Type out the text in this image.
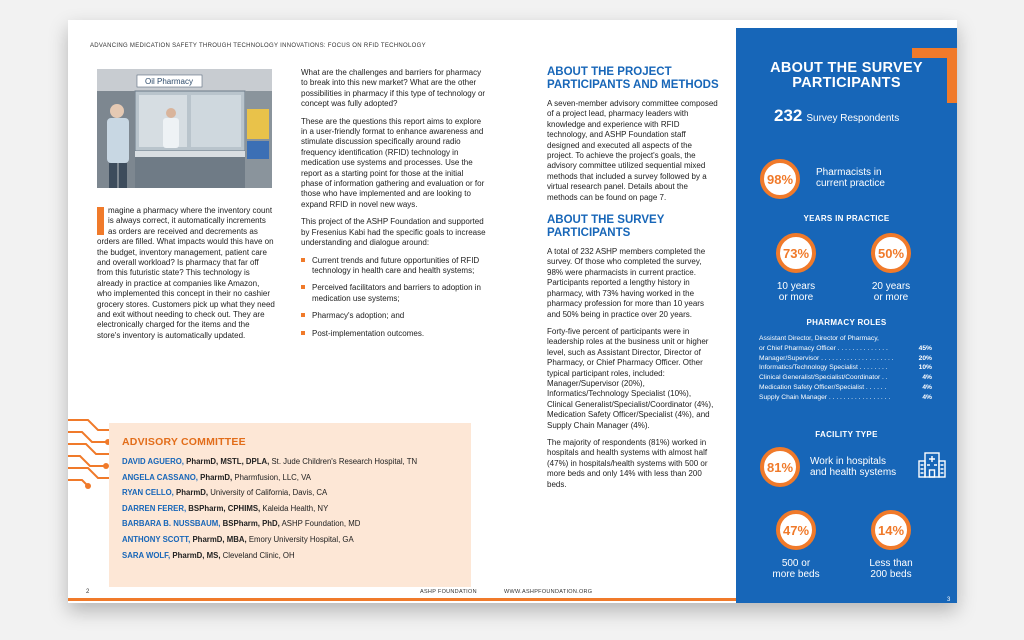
ADVANCING MEDICATION SAFETY THROUGH TECHNOLOGY INNOVATIONS: FOCUS ON RFID TECHNOLOGY
Oil Pharmacy
magine a pharmacy where the inventory count is always correct, it automatically increments as orders are received and decrements as orders are filled. What impacts would this have on the budget, inventory management, patient care and overall workload? Is pharmacy that far off from this futuristic state? This technology is already in practice at companies like Amazon, who implemented this concept in their no cashier grocery stores. Customers pick up what they need and exit without needing to check out. They are electronically charged for the items and the store's inventory is automatically updated.

What are the challenges and barriers for pharmacy to break into this new market? What are the other possibilities in pharmacy if this type of technology or concept was fully adopted?

These are the questions this report aims to explore in a user-friendly format to enhance awareness and stimulate discussion specifically around radio frequency identification (RFID) technology in medication use systems and processes. Use the report as a starting point for those at the initial phase of information gathering and evaluation or for those who have implemented and are looking to expand RFID in novel new ways.

This project of the ASHP Foundation and supported by Fresenius Kabi had the specific goals to increase understanding and dialogue around:

Current trends and future opportunities of RFID technology in health care and health systems;
Perceived facilitators and barriers to adoption in medication use systems;
Pharmacy's adoption; and
Post-implementation outcomes.
ABOUT THE PROJECT PARTICIPANTS AND METHODS

A seven-member advisory committee composed of a project lead, pharmacy leaders with knowledge and experience with RFID technology, and ASHP Foundation staff designed and executed all aspects of the project. To achieve the project's goals, the advisory committee utilized sequential mixed methods that included a survey followed by a virtual research panel. Details about the methods can be found on page 7.

ABOUT THE SURVEY PARTICIPANTS

A total of 232 ASHP members completed the survey. Of those who completed the survey, 98% were pharmacists in current practice. Participants reported a lengthy history in pharmacy, with 73% having worked in the pharmacy profession for more than 10 years and 50% being in practice over 20 years.

Forty-five percent of participants were in leadership roles at the business unit or higher level, such as Assistant Director, Director of Pharmacy, or Chief Pharmacy Officer. Other typical participant roles, included: Manager/Supervisor (20%), Informatics/Technology Specialist (10%), Clinical Generalist/Specialist/Coordinator (4%), Medication Safety Officer/Specialist (4%), and Supply Chain Manager (4%).

The majority of respondents (81%) worked in hospitals and health systems with almost half (47%) in hospitals/health systems with 500 or more beds and only 14% with less than 200 beds.

ADVISORY COMMITTEE
DAVID AGUERO, PharmD, MSTL, DPLA, St. Jude Children's Research Hospital, TN
ANGELA CASSANO, PharmD, Pharmfusion, LLC, VA
RYAN CELLO, PharmD, University of California, Davis, CA
DARREN FERER, BSPharm, CPHIMS, Kaleida Health, NY
BARBARA B. NUSSBAUM, BSPharm, PhD, ASHP Foundation, MD
ANTHONY SCOTT, PharmD, MBA, Emory University Hospital, GA
SARA WOLF, PharmD, MS, Cleveland Clinic, OH
2	ASHP FOUNDATION	WWW.ASHPFOUNDATION.ORG
ABOUT THE SURVEY
PARTICIPANTS
232 Survey Respondents
98%	Pharmacists in
current practice
YEARS IN PRACTICE
73%
10 years
or more
50%
20 years
or more
PHARMACY ROLES
Assistant Director, Director of Pharmacy,
or Chief Pharmacy Officer . . . . . . . . . . . . . .	45%
Manager/Supervisor . . . . . . . . . . . . . . . . . . . .	20%
Informatics/Technology Specialist . . . . . . . .	10%
Clinical Generalist/Specialist/Coordinator . .	4%
Medication Safety Officer/Specialist . . . . . .	4%
Supply Chain Manager . . . . . . . . . . . . . . . . .	4%
FACILITY TYPE
81%	Work in hospitals
and health systems
47%
500 or
more beds
14%
Less than
200 beds
3
